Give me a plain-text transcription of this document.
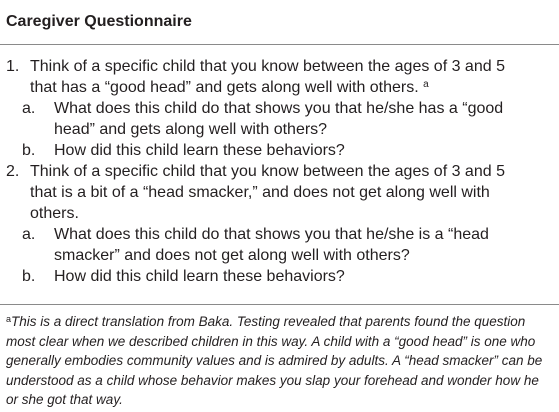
Caregiver Questionnaire
1. Think of a specific child that you know between the ages of 3 and 5 that has a “good head” and gets along well with others. $^a$
a. What does this child do that shows you that he/she has a “good head” and gets along well with others?
b. How did this child learn these behaviors?
2. Think of a specific child that you know between the ages of 3 and 5 that is a bit of a “head smacker,” and does not get along well with others.
a. What does this child do that shows you that he/she is a “head smacker” and does not get along well with others?
b. How did this child learn these behaviors?
$^a$This is a direct translation from Baka. Testing revealed that parents found the question most clear when we described children in this way. A child with a “good head” is one who generally embodies community values and is admired by adults. A “head smacker” can be understood as a child whose behavior makes you slap your forehead and wonder how he or she got that way.
